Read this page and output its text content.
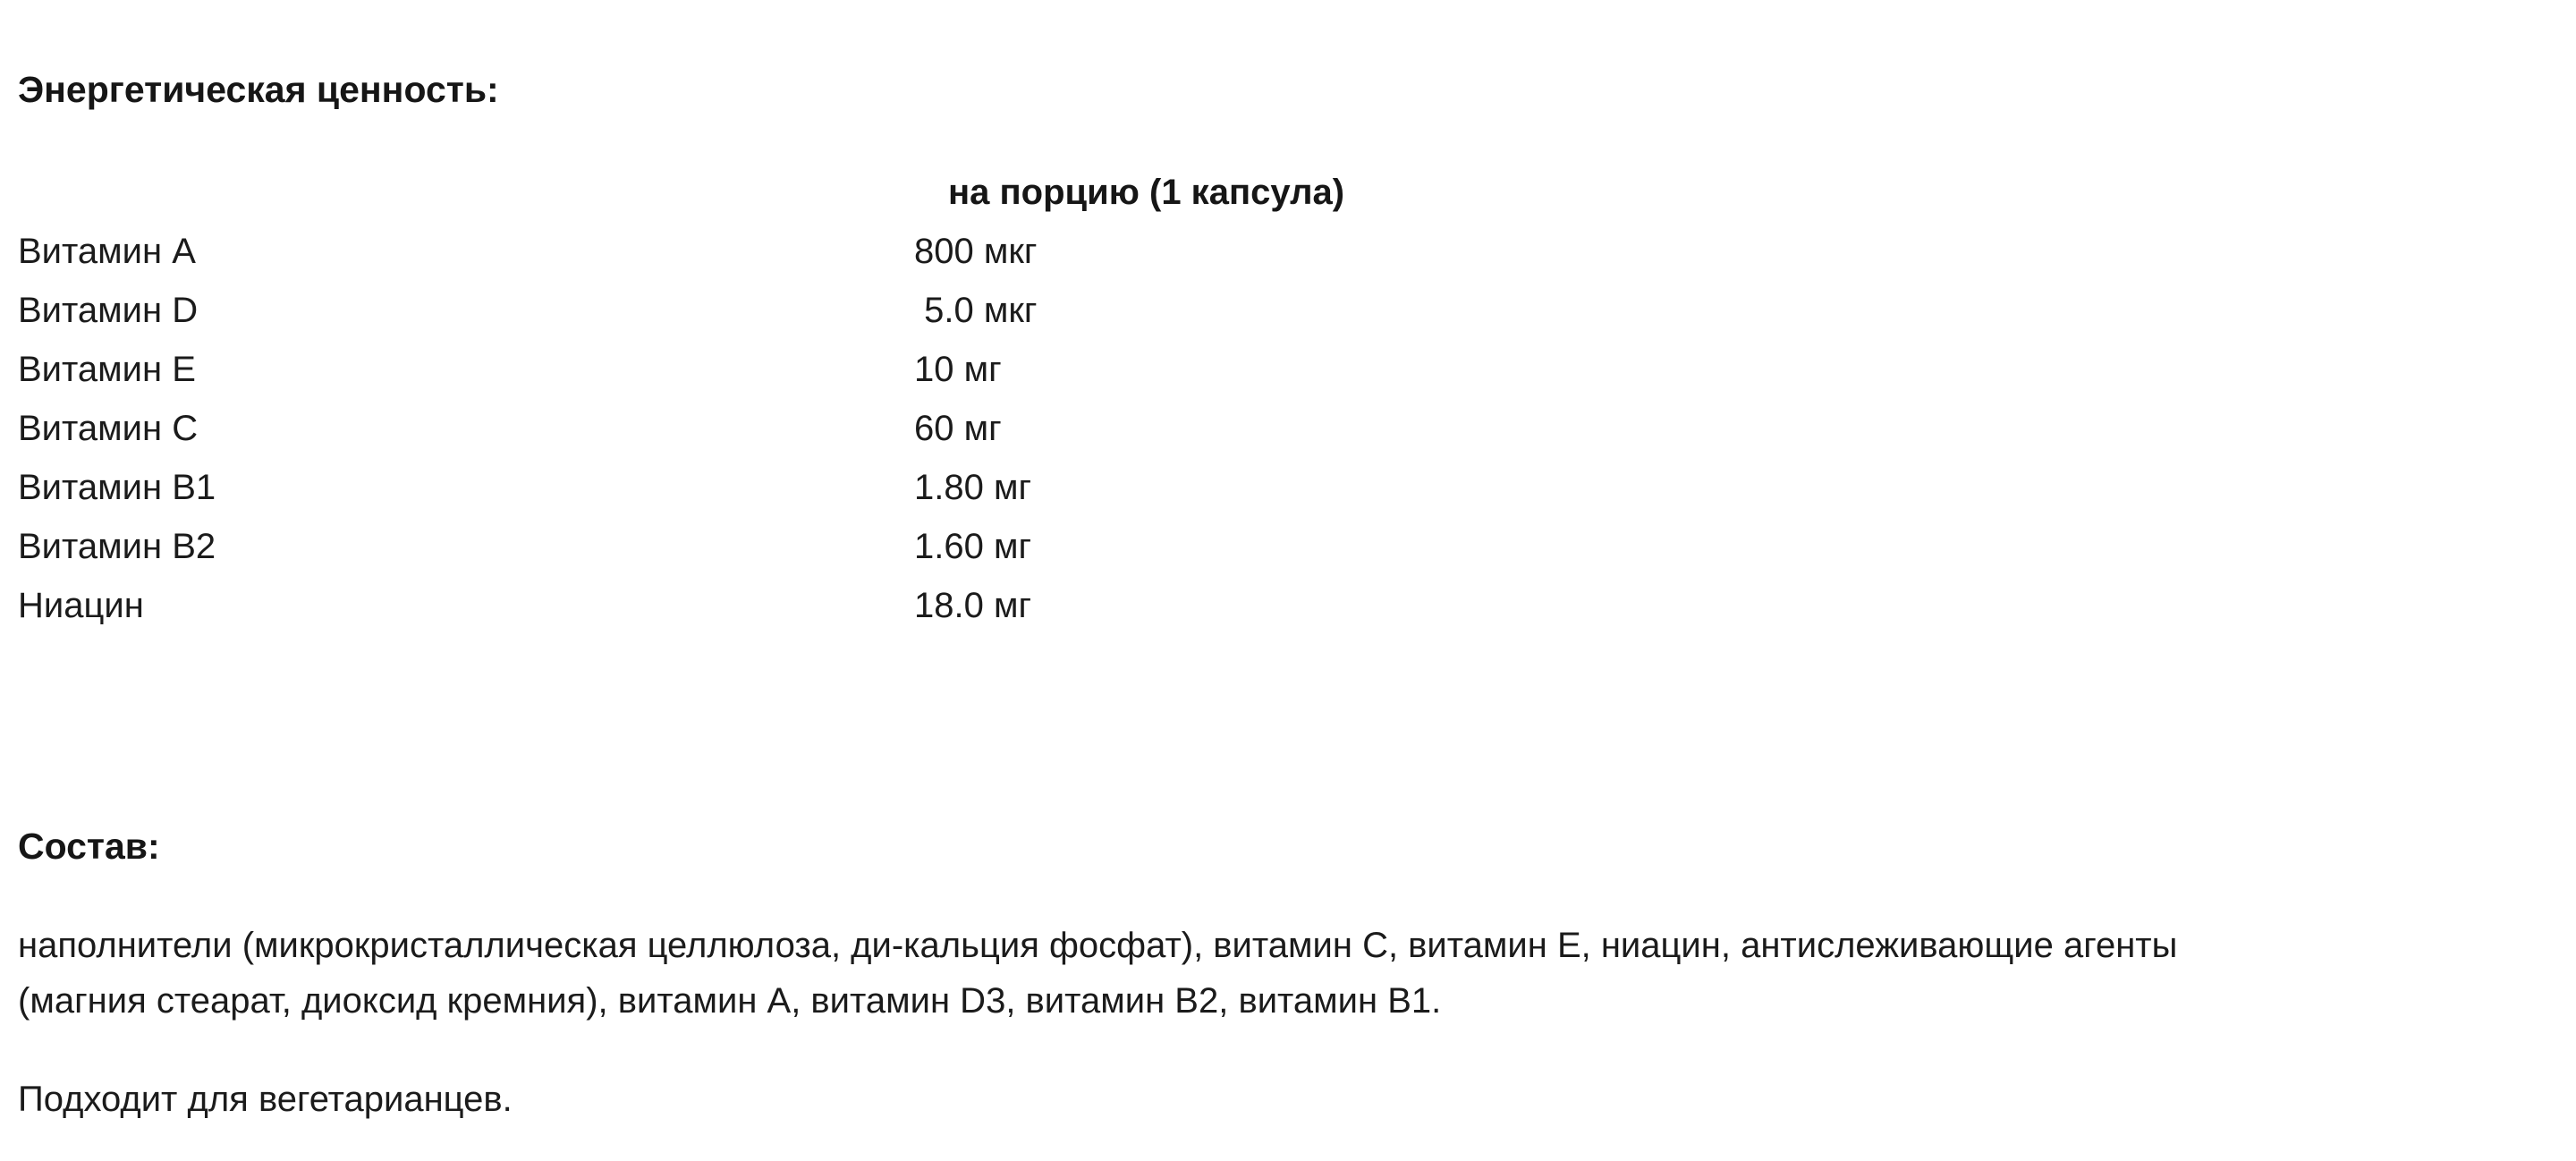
Энергетическая ценность:
на порцию (1 капсула)
Витамин A	800 мкг
Витамин D	5.0 мкг
Витамин E	10 мг
Витамин C	60 мг
Витамин B1	1.80 мг
Витамин B2	1.60 мг
Ниацин	18.0 мг
Состав:

наполнители (микрокристаллическая целлюлоза, ди-кальция фосфат), витамин C, витамин E, ниацин, антислеживающие агенты (магния стеарат, диоксид кремния), витамин A, витамин D3, витамин B2, витамин B1.

Подходит для вегетарианцев.
